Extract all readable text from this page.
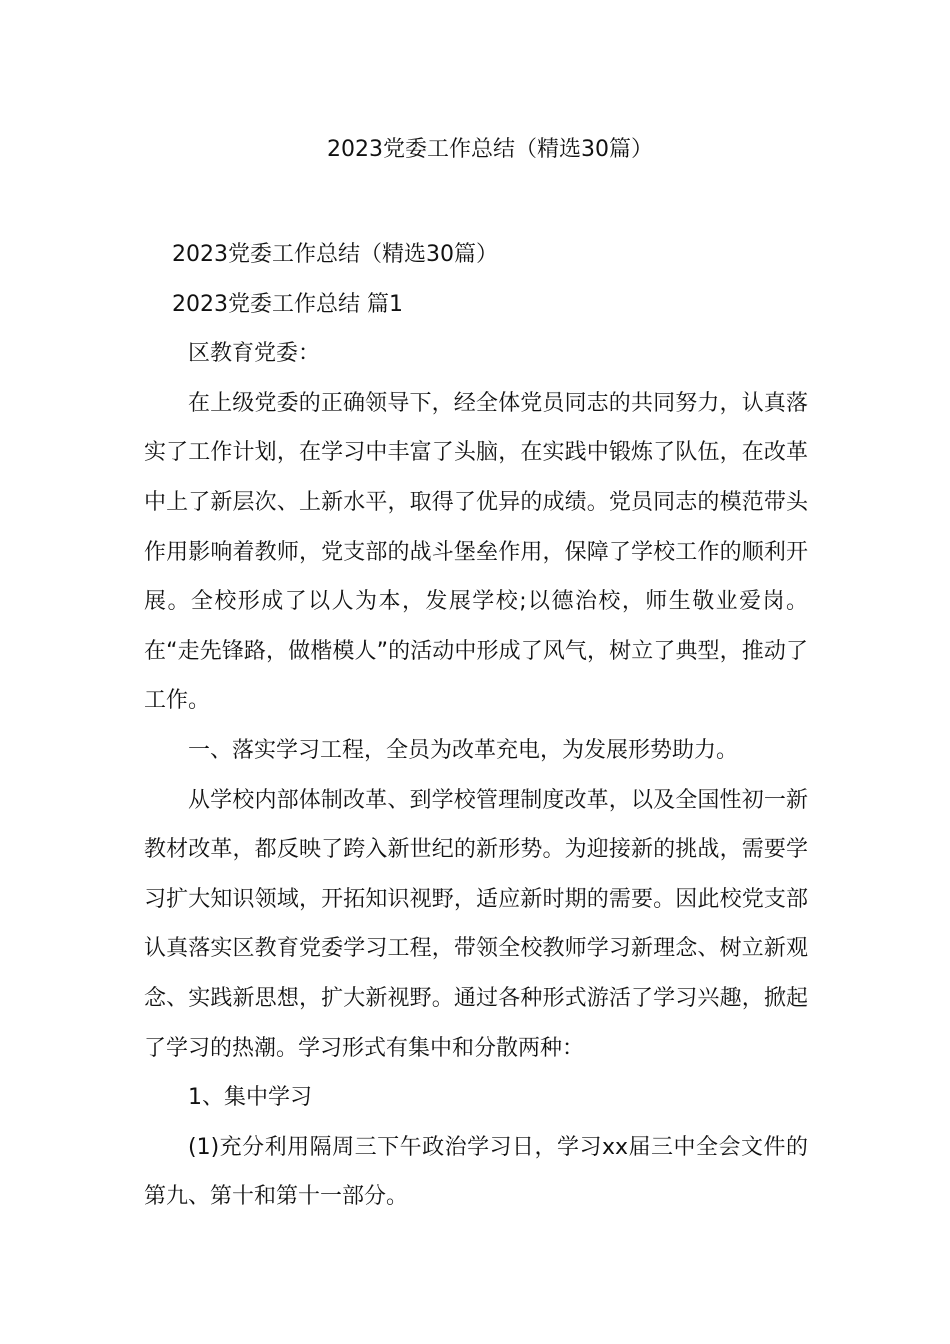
2023党委工作总结（精选30篇）

2023党委工作总结（精选30篇）

2023党委工作总结 篇1

区教育党委：

在上级党委的正确领导下，经全体党员同志的共同努力，认真落实了工作计划，在学习中丰富了头脑，在实践中锻炼了队伍，在改革中上了新层次、上新水平，取得了优异的成绩。党员同志的模范带头作用影响着教师，党支部的战斗堡垒作用，保障了学校工作的顺利开展。全校形成了以人为本，发展学校;以德治校，师生敬业爱岗。在“走先锋路，做楷模人”的活动中形成了风气，树立了典型，推动了工作。

一、落实学习工程，全员为改革充电，为发展形势助力。

从学校内部体制改革、到学校管理制度改革，以及全国性初一新教材改革，都反映了跨入新世纪的新形势。为迎接新的挑战，需要学习扩大知识领域，开拓知识视野，适应新时期的需要。因此校党支部认真落实区教育党委学习工程，带领全校教师学习新理念、树立新观念、实践新思想，扩大新视野。通过各种形式游活了学习兴趣，掀起了学习的热潮。学习形式有集中和分散两种：

1、集中学习

(1)充分利用隔周三下午政治学习日，学习xx届三中全会文件的第九、第十和第十一部分。
